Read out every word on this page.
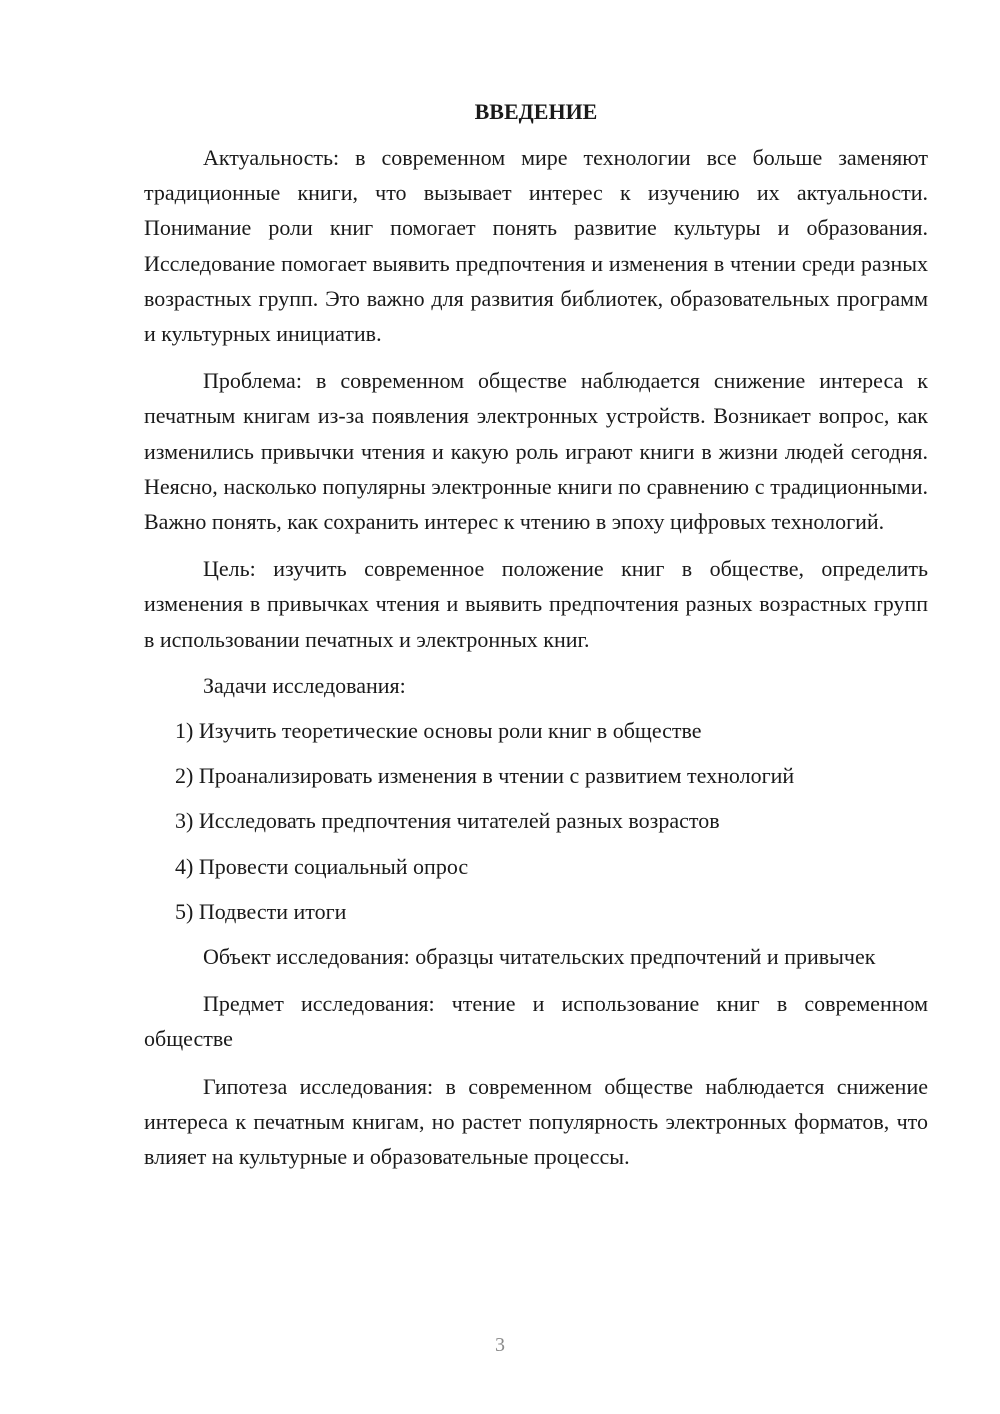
ВВЕДЕНИЕ

Актуальность: в современном мире технологии все больше заменяют традиционные книги, что вызывает интерес к изучению их актуальности. Понимание роли книг помогает понять развитие культуры и образования. Исследование помогает выявить предпочтения и изменения в чтении среди разных возрастных групп. Это важно для развития библиотек, образовательных программ и культурных инициатив.

Проблема: в современном обществе наблюдается снижение интереса к печатным книгам из-за появления электронных устройств. Возникает вопрос, как изменились привычки чтения и какую роль играют книги в жизни людей сегодня. Неясно, насколько популярны электронные книги по сравнению с традиционными. Важно понять, как сохранить интерес к чтению в эпоху цифровых технологий.

Цель: изучить современное положение книг в обществе, определить изменения в привычках чтения и выявить предпочтения разных возрастных групп в использовании печатных и электронных книг.

Задачи исследования:

1) Изучить теоретические основы роли книг в обществе
2) Проанализировать изменения в чтении с развитием технологий
3) Исследовать предпочтения читателей разных возрастов
4) Провести социальный опрос
5) Подвести итоги

Объект исследования: образцы читательских предпочтений и привычек

Предмет исследования: чтение и использование книг в современном обществе

Гипотеза исследования: в современном обществе наблюдается снижение интереса к печатным книгам, но растет популярность электронных форматов, что влияет на культурные и образовательные процессы.

3
